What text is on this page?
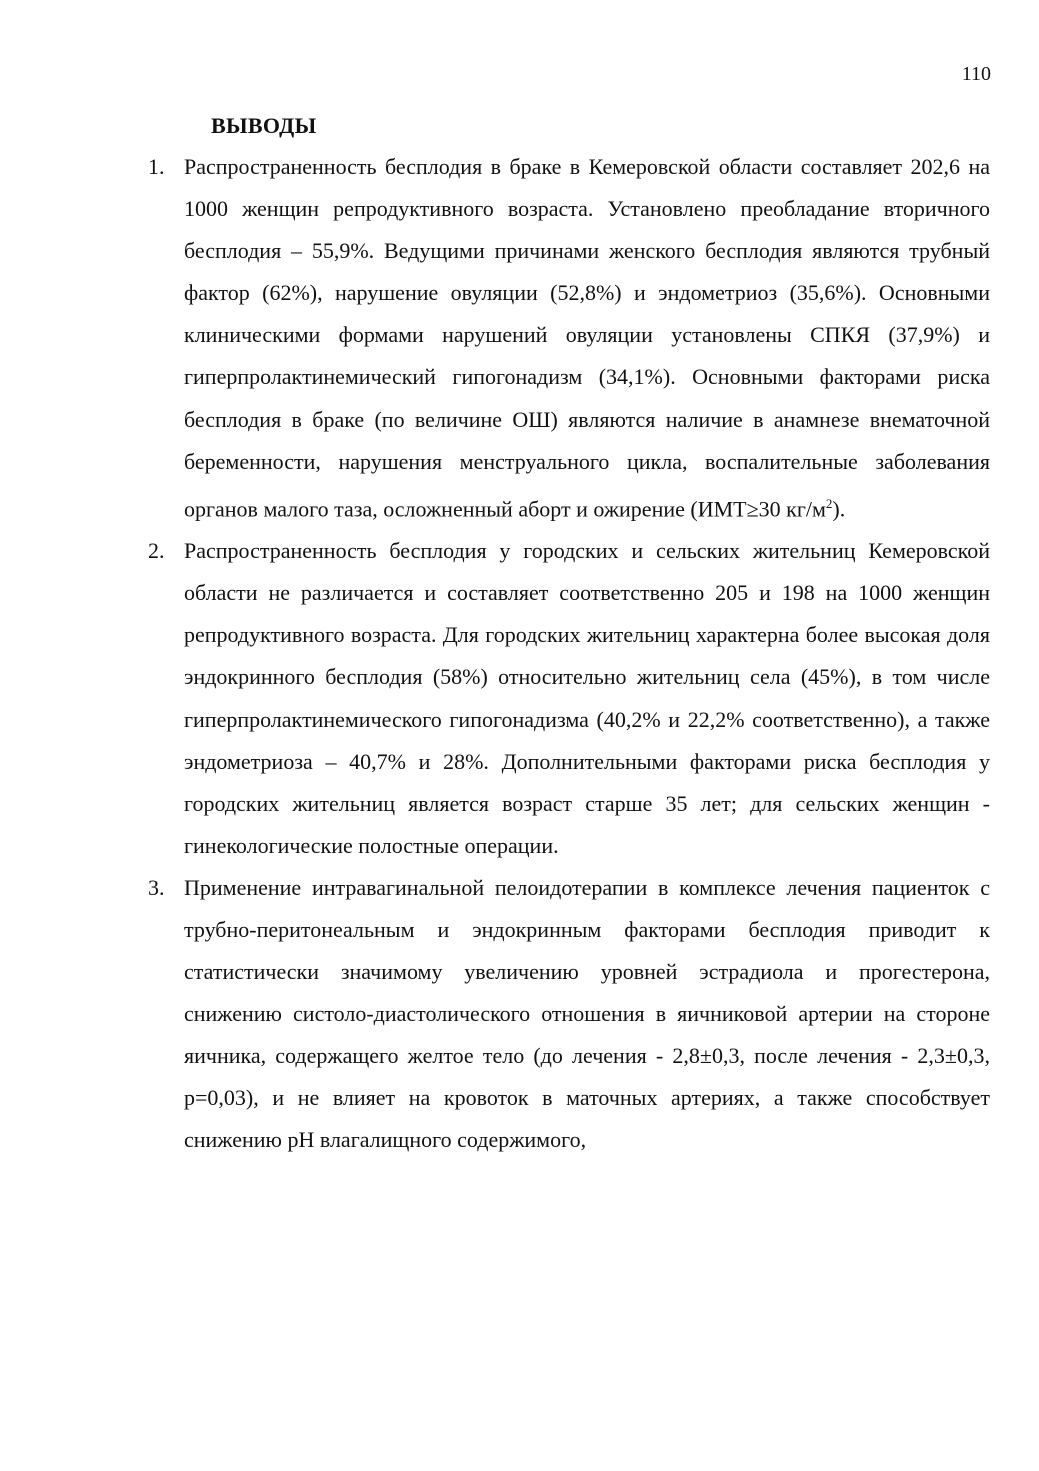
110
ВЫВОДЫ
1. Распространенность бесплодия в браке в Кемеровской области составляет 202,6 на 1000 женщин репродуктивного возраста. Установлено преобладание вторичного бесплодия – 55,9%. Ведущими причинами женского бесплодия являются трубный фактор (62%), нарушение овуляции (52,8%) и эндометриоз (35,6%). Основными клиническими формами нарушений овуляции установлены СПКЯ (37,9%) и гиперпролактинемический гипогонадизм (34,1%). Основными факторами риска бесплодия в браке (по величине ОШ) являются наличие в анамнезе внематочной беременности, нарушения менструального цикла, воспалительные заболевания органов малого таза, осложненный аборт и ожирение (ИМТ≥30 $кг/м^2$).

2. Распространенность бесплодия у городских и сельских жительниц Кемеровской области не различается и составляет соответственно 205 и 198 на 1000 женщин репродуктивного возраста. Для городских жительниц характерна более высокая доля эндокринного бесплодия (58%) относительно жительниц села (45%), в том числе гиперпролактинемического гипогонадизма (40,2% и 22,2% соответственно), а также эндометриоза – 40,7% и 28%. Дополнительными факторами риска бесплодия у городских жительниц является возраст старше 35 лет; для сельских женщин - гинекологические полостные операции.

3. Применение интравагинальной пелоидотерапии в комплексе лечения пациенток с трубно-перитонеальным и эндокринным факторами бесплодия приводит к статистически значимому увеличению уровней эстрадиола и прогестерона, снижению систоло-диастолического отношения в яичниковой артерии на стороне яичника, содержащего желтое тело (до лечения - 2,8±0,3, после лечения - 2,3±0,3, p=0,03), и не влияет на кровоток в маточных артериях, а также способствует снижению pH влагалищного содержимого,
